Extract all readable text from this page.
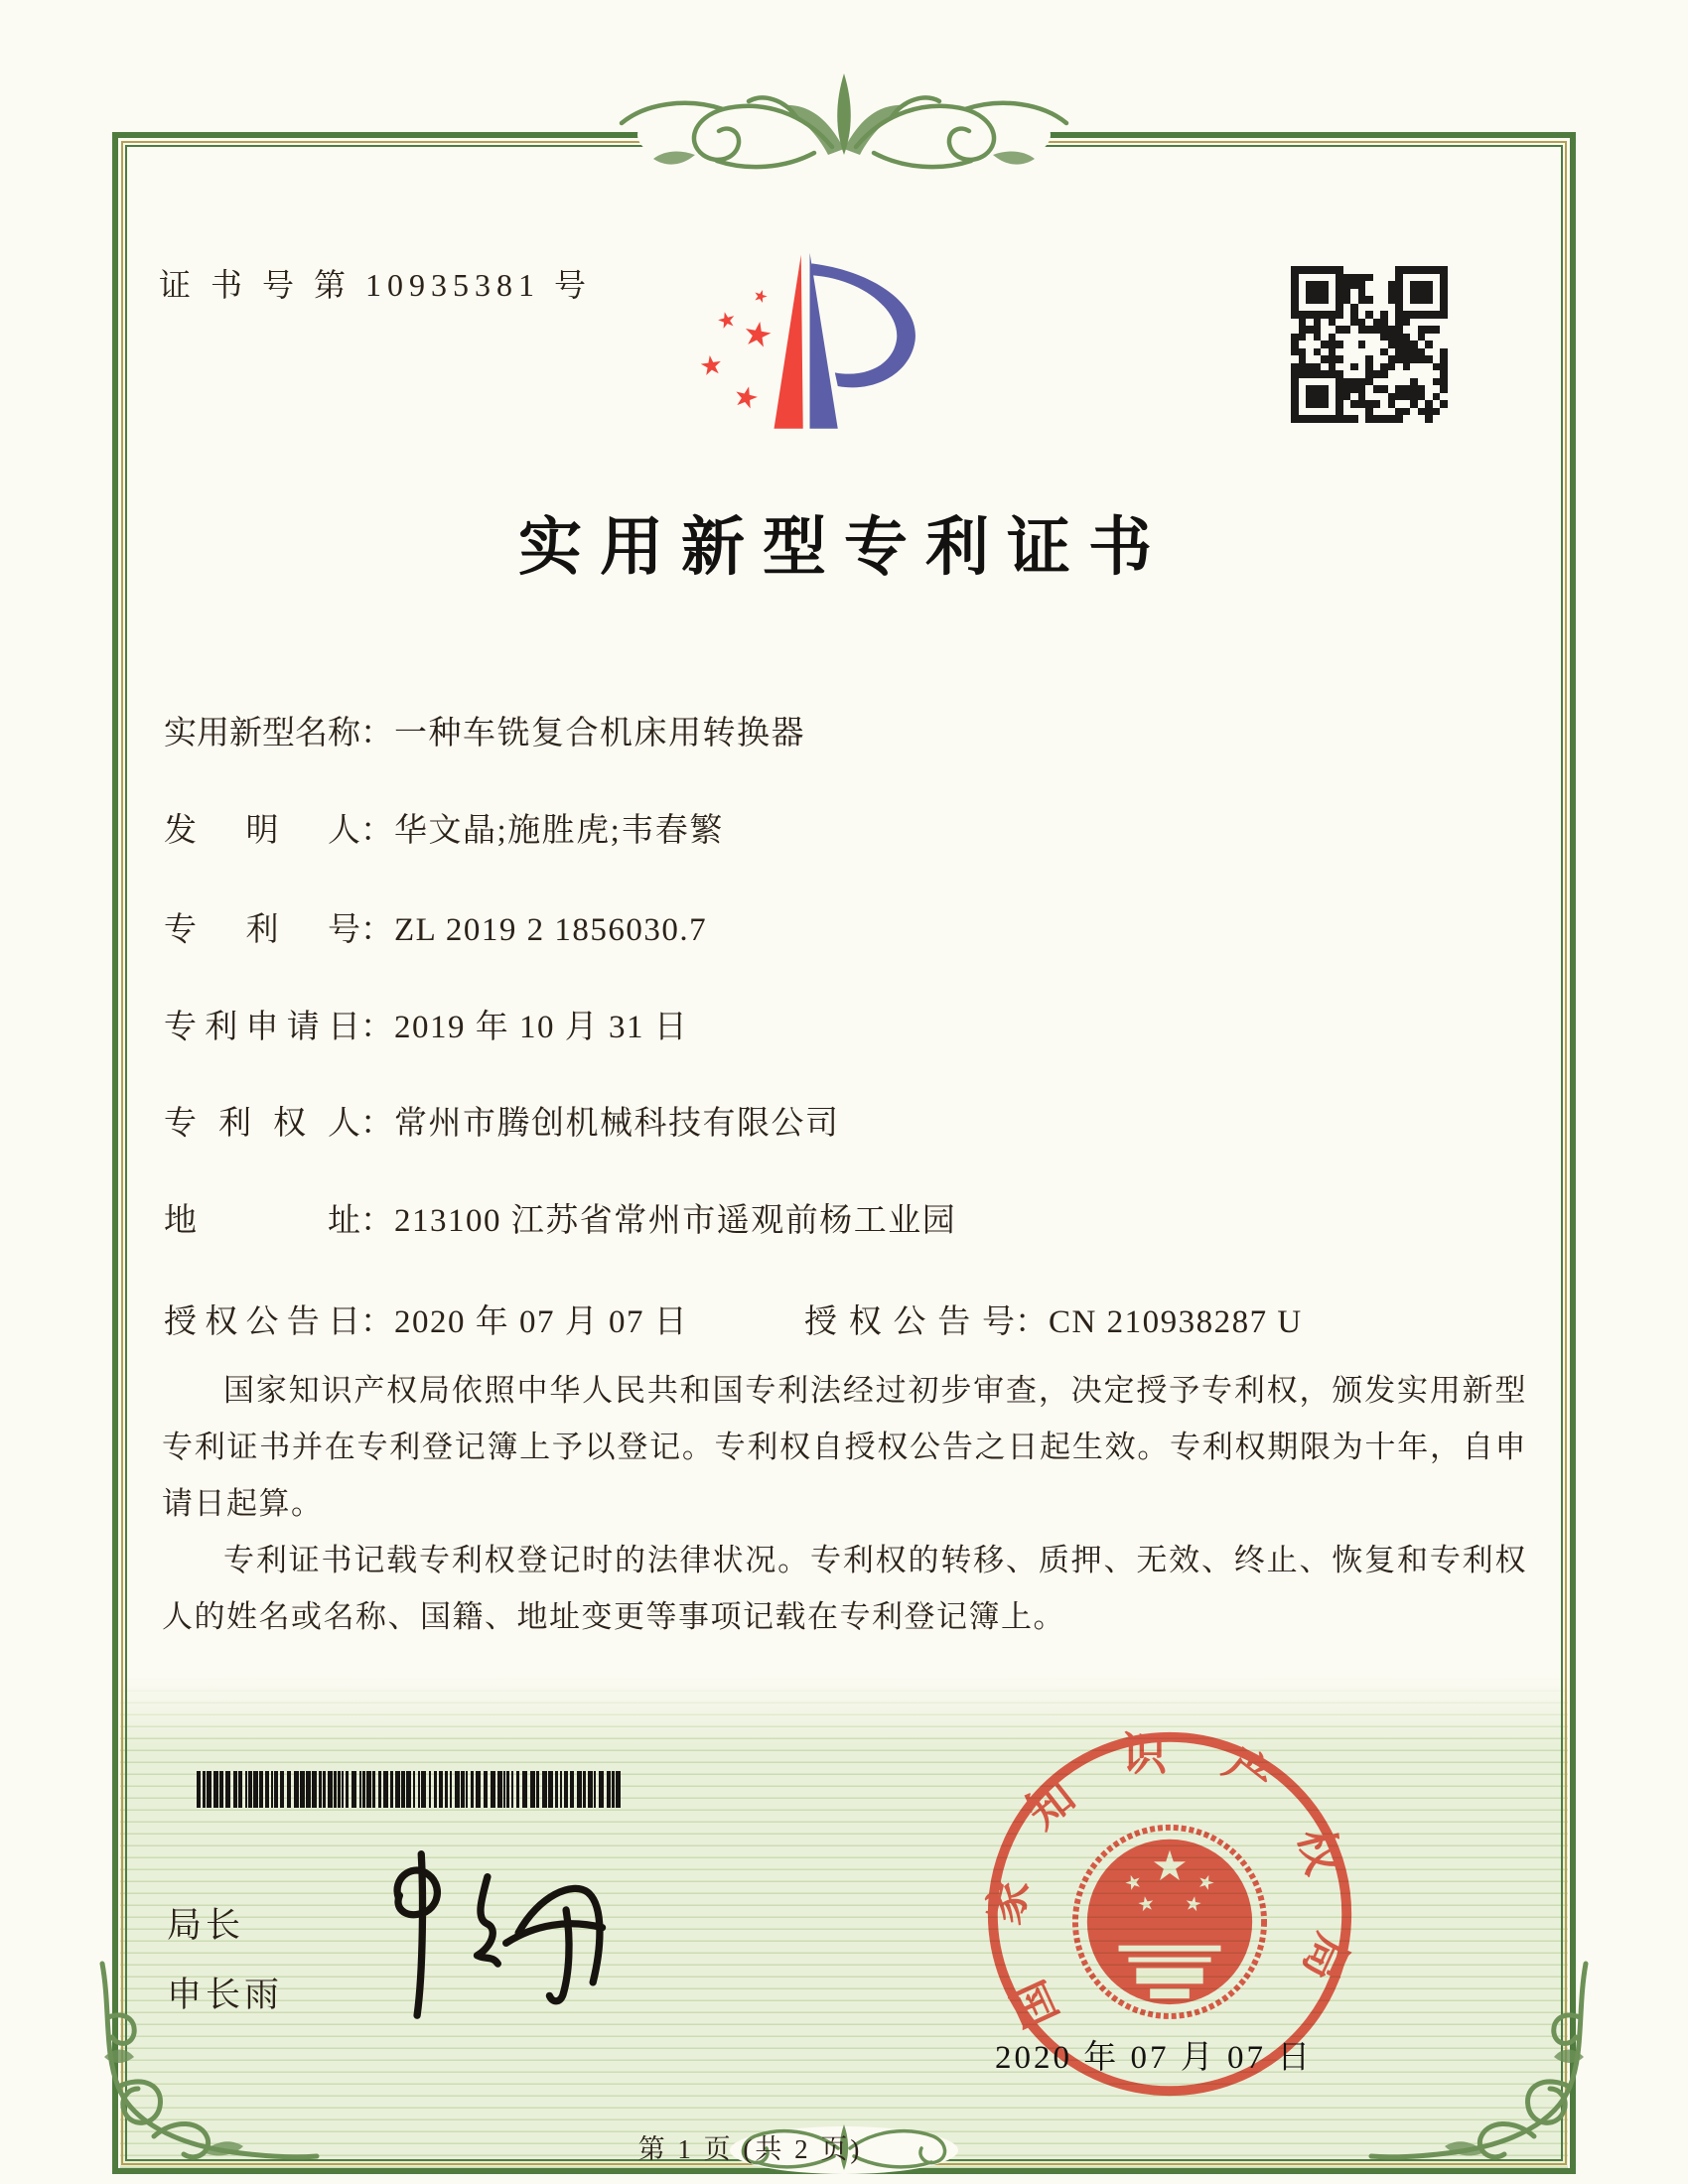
证 书 号 第 10935381 号
实用新型专利证书
实用新型名称：一种车铣复合机床用转换器
发明人：华文晶;施胜虎;韦春繁
专利号：ZL 2019 2 1856030.7
专利申请日：2019 年 10 月 31 日
专利权人：常州市腾创机械科技有限公司
地址：213100 江苏省常州市遥观前杨工业园
授权公告日：2020 年 07 月 07 日	授权公告号：CN 210938287 U

国家知识产权局依照中华人民共和国专利法经过初步审查，决定授予专利权，颁发实用新型专利证书并在专利登记簿上予以登记。专利权自授权公告之日起生效。专利权期限为十年，自申请日起算。

专利证书记载专利权登记时的法律状况。专利权的转移、质押、无效、终止、恢复和专利权人的姓名或名称、国籍、地址变更等事项记载在专利登记簿上。

局长
申长雨	国家知识产权局
2020 年 07 月 07 日
第 1 页 (共 2 页)
